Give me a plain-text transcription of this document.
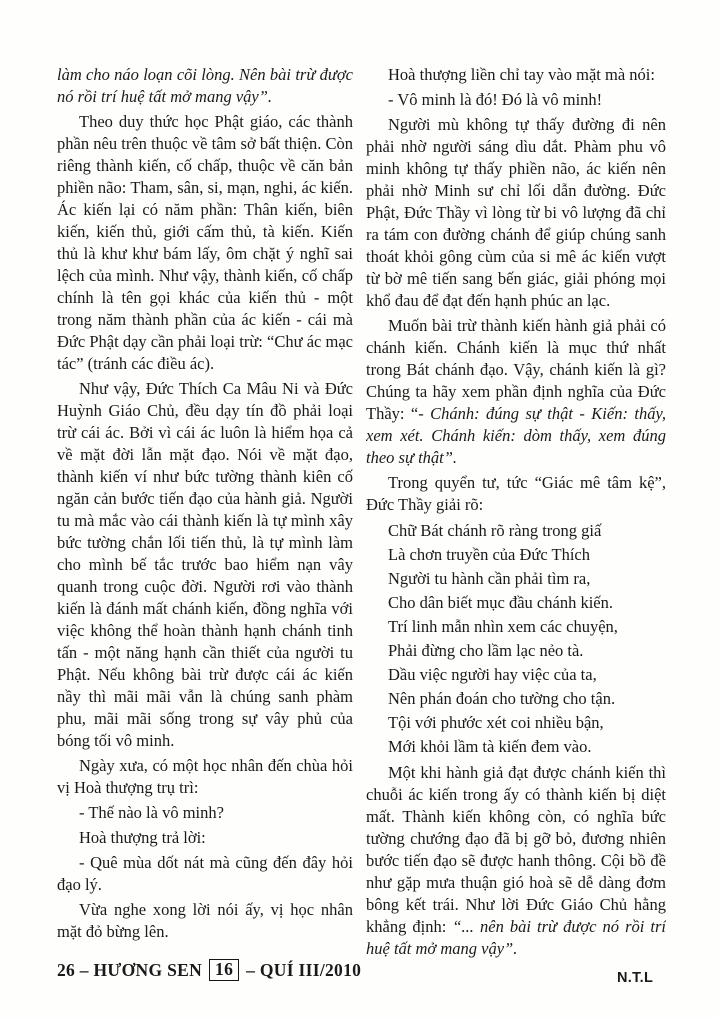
làm cho náo loạn cõi lòng. Nên bài trừ được nó rồi trí huệ tất mở mang vậy”.

Theo duy thức học Phật giáo, các thành phần nêu trên thuộc về tâm sở bất thiện. Còn riêng thành kiến, cố chấp, thuộc về căn bản phiền não: Tham, sân, si, mạn, nghi, ác kiến. Ác kiến lại có năm phần: Thân kiến, biên kiến, kiến thủ, giới cấm thủ, tà kiến. Kiến thủ là khư khư bám lấy, ôm chặt ý nghĩ sai lệch của mình. Như vậy, thành kiến, cố chấp chính là tên gọi khác của kiến thủ - một trong năm thành phần của ác kiến - cái mà Đức Phật dạy cần phải loại trừ: “Chư ác mạc tác” (tránh các điều ác).

Như vậy, Đức Thích Ca Mâu Ni và Đức Huỳnh Giáo Chủ, đều dạy tín đồ phải loại trừ cái ác. Bởi vì cái ác luôn là hiểm họa cả về mặt đời lẫn mặt đạo. Nói về mặt đạo, thành kiến ví như bức tường thành kiên cố ngăn cản bước tiến đạo của hành giả. Người tu mà mắc vào cái thành kiến là tự mình xây bức tường chắn lối tiến thủ, là tự mình làm cho mình bế tắc trước bao hiểm nạn vây quanh trong cuộc đời. Người rơi vào thành kiến là đánh mất chánh kiến, đồng nghĩa với việc không thể hoàn thành hạnh chánh tinh tấn - một năng hạnh cần thiết của người tu Phật. Nếu không bài trừ được cái ác kiến nầy thì mãi mãi vẫn là chúng sanh phàm phu, mãi mãi sống trong sự vây phủ của bóng tối vô minh.

Ngày xưa, có một học nhân đến chùa hỏi vị Hoà thượng trụ trì:

- Thế nào là vô minh?

Hoà thượng trả lời:

- Quê mùa dốt nát mà cũng đến đây hỏi đạo lý.

Vừa nghe xong lời nói ấy, vị học nhân mặt đỏ bừng lên.

Hoà thượng liền chỉ tay vào mặt mà nói:

- Vô minh là đó! Đó là vô minh!

Người mù không tự thấy đường đi nên phải nhờ người sáng dìu dắt. Phàm phu vô minh không tự thấy phiền não, ác kiến nên phải nhờ Minh sư chỉ lối dẫn đường. Đức Phật, Đức Thầy vì lòng từ bi vô lượng đã chỉ ra tám con đường chánh để giúp chúng sanh thoát khỏi gông cùm của si mê ác kiến vượt từ bờ mê tiến sang bến giác, giải phóng mọi khổ đau để đạt đến hạnh phúc an lạc.

Muốn bài trừ thành kiến hành giả phải có chánh kiến. Chánh kiến là mục thứ nhất trong Bát chánh đạo. Vậy, chánh kiến là gì? Chúng ta hãy xem phần định nghĩa của Đức Thầy: “- Chánh: đúng sự thật - Kiến: thấy, xem xét. Chánh kiến: dòm thấy, xem đúng theo sự thật”.

Trong quyển tư, tức “Giác mê tâm kệ”, Đức Thầy giải rõ:

Chữ Bát chánh rõ ràng trong giấ
Là chơn truyền của Đức Thích
Người tu hành cần phải tìm ra,
Cho dân biết mục đầu chánh kiến.
Trí linh mẫn nhìn xem các chuyện,
Phải đừng cho lầm lạc nẻo tà.
Dầu việc người hay việc của ta,
Nên phán đoán cho tường cho tận.
Tội với phước xét coi nhiều bận,
Mới khỏi lầm tà kiến đem vào.

Một khi hành giả đạt được chánh kiến thì chuỗi ác kiến trong ấy có thành kiến bị diệt mất. Thành kiến không còn, có nghĩa bức tường chướng đạo đã bị gỡ bỏ, đương nhiên bước tiến đạo sẽ được hanh thông. Cội bồ đề như gặp mưa thuận gió hoà sẽ dễ dàng đơm bông kết trái. Như lời Đức Giáo Chủ hằng khẳng định: “... nên bài trừ được nó rồi trí huệ tất mở mang vậy”.

26 – HƯƠNG SEN 16 – QUÍ III/2010	N.T.L
